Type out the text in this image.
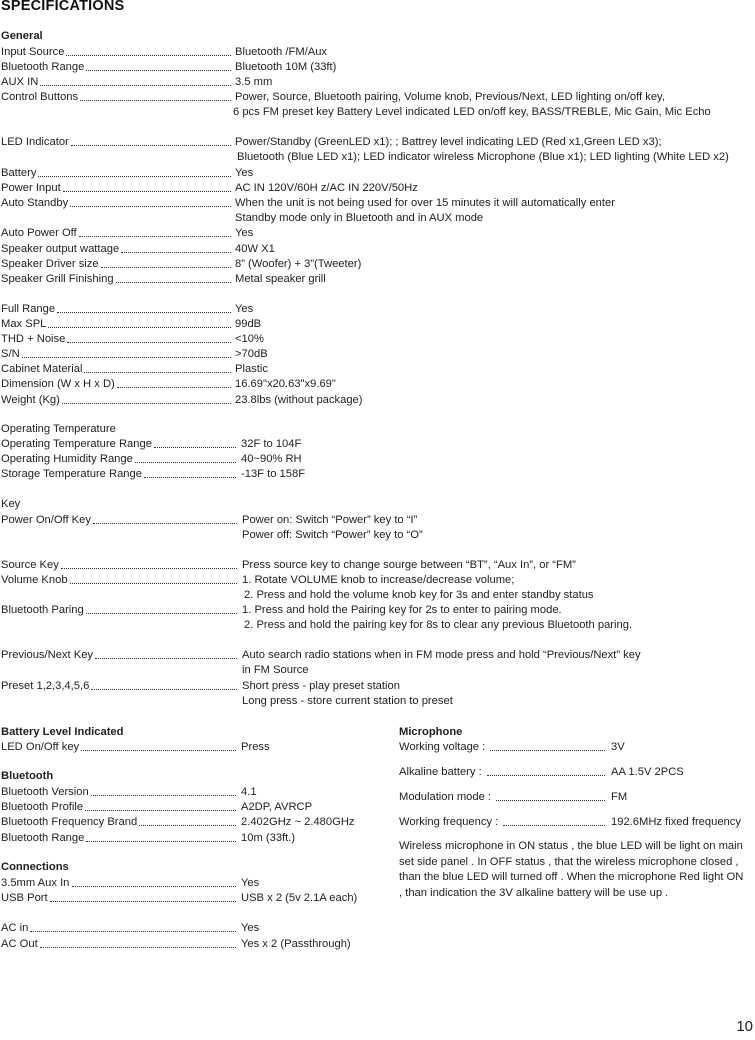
SPECIFICATIONS
General
Input Source	Bluetooth /FM/Aux
Bluetooth Range	Bluetooth 10M (33ft)
AUX IN	3.5 mm
Control Buttons	Power, Source, Bluetooth pairing, Volume knob, Previous/Next, LED lighting on/off key,
6 pcs FM preset key Battery Level indicated LED on/off key, BASS/TREBLE, Mic Gain, Mic Echo
LED Indicator	Power/Standby (GreenLED x1); ; Battrey level indicating LED (Red x1,Green LED x3);
Bluetooth (Blue LED x1); LED indicator wireless Microphone (Blue x1); LED lighting (White LED x2)
Battery	Yes
Power Input	AC IN 120V/60H z/AC IN 220V/50Hz
Auto Standby	When the unit is not being used for over 15 minutes it will automatically enter
Standby mode only in Bluetooth and in AUX mode
Auto Power Off	Yes
Speaker output wattage	40W X1
Speaker Driver size	8” (Woofer) + 3”(Tweeter)
Speaker Grill Finishing	Metal speaker grill
Full Range	Yes
Max SPL	99dB
THD + Noise	<10%
S/N	>70dB
Cabinet Material	Plastic
Dimension (W x H x D)	16.69"x20.63"x9.69"
Weight (Kg)	23.8lbs (without package)
Operating Temperature
Operating Temperature Range	32F to 104F
Operating Humidity Range	40~90% RH
Storage Temperature Range	-13F to 158F
Key
Power On/Off Key	Power on: Switch “Power” key to “I”
Power off: Switch “Power” key to “O”
Source Key	Press source key to change sourge between “BT”, “Aux In”, or “FM”
Volume Knob	1. Rotate VOLUME knob to increase/decrease volume;
2. Press and hold the volume knob key for 3s and enter standby status
Bluetooth Paring	1. Press and hold the Pairing key for 2s to enter to pairing mode.
2. Press and hold the pairing key for 8s to clear any previous Bluetooth paring.
Previous/Next Key	Auto search radio stations when in FM mode press and hold “Previous/Next” key
in FM Source
Preset 1,2,3,4,5,6	Short press - play preset station
Long press - store current station to preset
Battery Level Indicated
LED On/Off key	Press
Bluetooth
Bluetooth Version	4.1
Bluetooth Profile	A2DP, AVRCP
Bluetooth Frequency Brand	2.402GHz ~ 2.480GHz
Bluetooth Range	10m (33ft.)
Connections
3.5mm Aux In	Yes
USB Port	USB x 2 (5v 2.1A each)
AC in	Yes
AC Out	Yes x 2 (Passthrough)
Microphone
Working voltage :	3V
Alkaline battery :	AA 1.5V 2PCS
Modulation mode :	FM
Working frequency :	192.6MHz fixed frequency
Wireless microphone in ON status , the blue LED will be light on main set side panel . In OFF status , that the wireless microphone closed , than the blue LED will turned off . When the microphone Red light ON , than indication the 3V alkaline battery will be use up .
10
